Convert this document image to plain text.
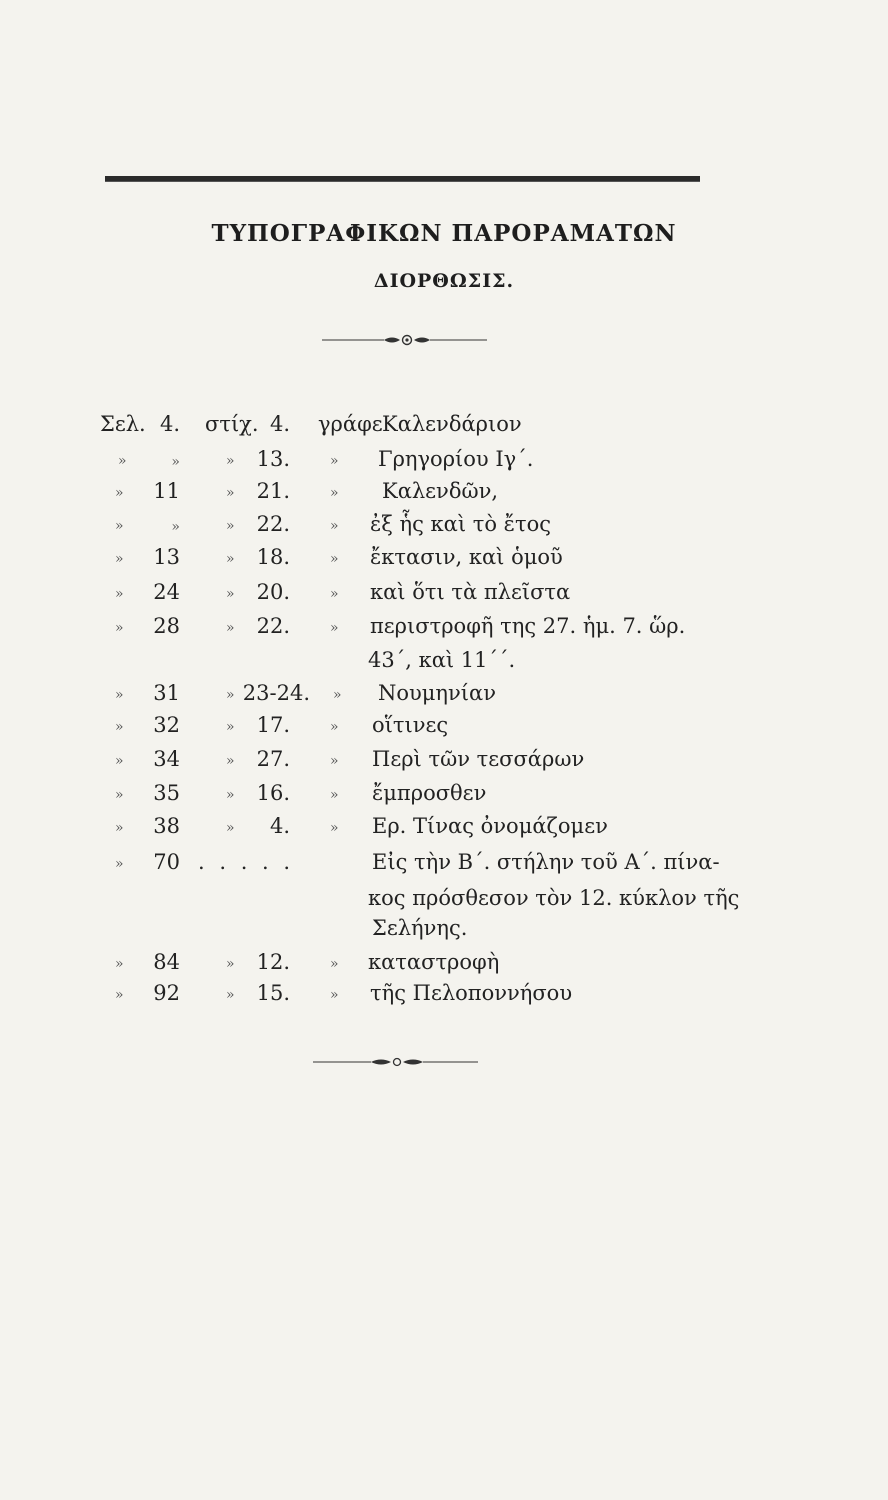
ΤΥΠΟΓΡΑΦΙΚΩΝ ΠΑΡΟΡΑΜΑΤΩΝ
ΔΙΟΡΘΩΣΙΣ.
Σελ. 4. στίχ. 4. γράφε Καλενδάριον
»	»	»	13.	» Γρηγορίου Ιγ΄.
»	11	»	21.	» Καλενδῶν,
»	»	»	22.	» ἐξ ἧς καὶ τὸ ἔτος
»	13	»	18.	» ἔκτασιν, καὶ ὁμοῦ
»	24	»	20.	» καὶ ὅτι τὰ πλεῖστα
»	28	»	22.	» περιστροφῆ της 27. ἡμ. 7. ὥρ.
43΄, καὶ 11΄΄.
»	31	» 23-24. » Νουμηνίαν
»	32	»	17.	» οἵτινες
»	34	»	27.	» Περὶ τῶν τεσσάρων
»	35	»	16.	» ἔμπροσθεν
»	38	»	4.	» Ερ. Τίνας ὀνομάζομεν
»	70 . . . . .	Εἰς τὴν Β΄. στήλην τοῦ Α΄. πίνα-
κος πρόσθεσον τὸν 12. κύκλον τῆς
Σελήνης.
»	84	»	12.	» καταστροφὴ
»	92	»	15.	» τῆς Πελοποννήσου
